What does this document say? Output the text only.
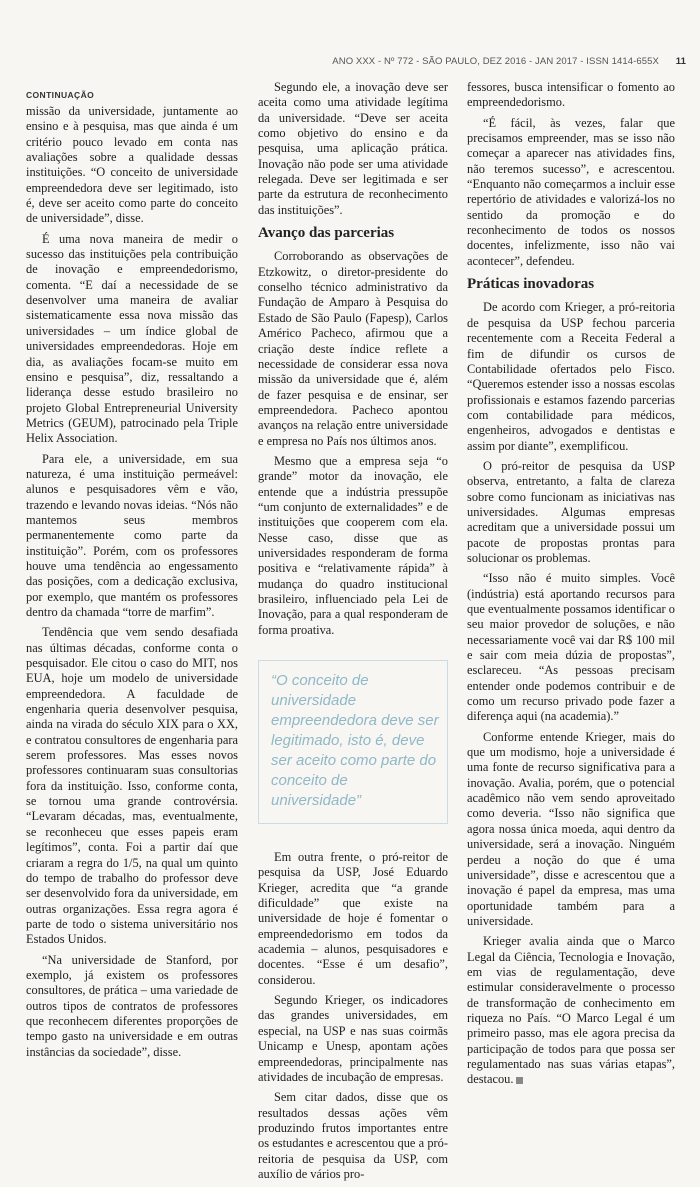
ANO XXX - Nº 772 - SÃO PAULO, DEZ 2016 - JAN 2017 - ISSN 1414-655X 11
CONTINUAÇÃO

missão da universidade, juntamente ao ensino e à pesquisa, mas que ainda é um critério pouco levado em conta nas avaliações sobre a qualidade dessas instituições. “O conceito de universidade empreendedora deve ser legitimado, isto é, deve ser aceito como parte do conceito de universidade”, disse.

É uma nova maneira de medir o sucesso das instituições pela contribuição de inovação e empreendedorismo, comenta. “E daí a necessidade de se desenvolver uma maneira de avaliar sistematicamente essa nova missão das universidades – um índice global de universidades empreendedoras. Hoje em dia, as avaliações focam-se muito em ensino e pesquisa”, diz, ressaltando a liderança desse estudo brasileiro no projeto Global Entrepreneurial University Metrics (GEUM), patrocinado pela Triple Helix Association.

Para ele, a universidade, em sua natureza, é uma instituição permeável: alunos e pesquisadores vêm e vão, trazendo e levando novas ideias. “Nós não mantemos seus membros permanentemente como parte da instituição”. Porém, com os professores houve uma tendência ao engessamento das posições, com a dedicação exclusiva, por exemplo, que mantém os professores dentro da chamada “torre de marfim”.

Tendência que vem sendo desafiada nas últimas décadas, conforme conta o pesquisador. Ele citou o caso do MIT, nos EUA, hoje um modelo de universidade empreendedora. A faculdade de engenharia queria desenvolver pesquisa, ainda na virada do século XIX para o XX, e contratou consultores de engenharia para serem professores. Mas esses novos professores continuaram suas consultorias fora da instituição. Isso, conforme conta, se tornou uma grande controvérsia. “Levaram décadas, mas, eventualmente, se reconheceu que esses papeis eram legítimos”, conta. Foi a partir daí que criaram a regra do 1/5, na qual um quinto do tempo de trabalho do professor deve ser desenvolvido fora da universidade, em outras organizações. Essa regra agora é parte de todo o sistema universitário nos Estados Unidos.

“Na universidade de Stanford, por exemplo, já existem os professores consultores, de prática – uma variedade de outros tipos de contratos de professores que reconhecem diferentes proporções de tempo gasto na universidade e em outras instâncias da sociedade”, disse.

Segundo ele, a inovação deve ser aceita como uma atividade legítima da universidade. “Deve ser aceita como objetivo do ensino e da pesquisa, uma aplicação prática. Inovação não pode ser uma atividade relegada. Deve ser legitimada e ser parte da estrutura de reconhecimento das instituições”.

Avanço das parcerias

Corroborando as observações de Etzkowitz, o diretor-presidente do conselho técnico administrativo da Fundação de Amparo à Pesquisa do Estado de São Paulo (Fapesp), Carlos Américo Pacheco, afirmou que a criação deste índice reflete a necessidade de considerar essa nova missão da universidade que é, além de fazer pesquisa e de ensinar, ser empreendedora. Pacheco apontou avanços na relação entre universidade e empresa no País nos últimos anos.

Mesmo que a empresa seja “o grande” motor da inovação, ele entende que a indústria pressupõe “um conjunto de externalidades” e de instituições que cooperem com ela. Nesse caso, disse que as universidades responderam de forma positiva e “relativamente rápida” à mudança do quadro institucional brasileiro, influenciado pela Lei de Inovação, para a qual responderam de forma proativa.

“O conceito de universidade empreendedora deve ser legitimado, isto é, deve ser aceito como parte do conceito de universidade”

Em outra frente, o pró-reitor de pesquisa da USP, José Eduardo Krieger, acredita que “a grande dificuldade” que existe na universidade de hoje é fomentar o empreendedorismo em todos da academia – alunos, pesquisadores e docentes. “Esse é um desafio”, considerou.

Segundo Krieger, os indicadores das grandes universidades, em especial, na USP e nas suas coirmãs Unicamp e Unesp, apontam ações empreendedoras, principalmente nas atividades de incubação de empresas.

Sem citar dados, disse que os resultados dessas ações vêm produzindo frutos importantes entre os estudantes e acrescentou que a pró-reitoria de pesquisa da USP, com auxílio de vários pro-

fessores, busca intensificar o fomento ao empreendedorismo.

“É fácil, às vezes, falar que precisamos empreender, mas se isso não começar a aparecer nas atividades fins, não teremos sucesso”, e acrescentou. “Enquanto não começarmos a incluir esse repertório de atividades e valorizá-los no sentido da promoção e do reconhecimento de todos os nossos docentes, infelizmente, isso não vai acontecer”, defendeu.

Práticas inovadoras

De acordo com Krieger, a pró-reitoria de pesquisa da USP fechou parceria recentemente com a Receita Federal a fim de difundir os cursos de Contabilidade ofertados pelo Fisco. “Queremos estender isso a nossas escolas profissionais e estamos fazendo parcerias com contabilidade para médicos, engenheiros, advogados e dentistas e assim por diante”, exemplificou.

O pró-reitor de pesquisa da USP observa, entretanto, a falta de clareza sobre como funcionam as iniciativas nas universidades. Algumas empresas acreditam que a universidade possui um pacote de propostas prontas para solucionar os problemas.

“Isso não é muito simples. Você (indústria) está aportando recursos para que eventualmente possamos identificar o seu maior provedor de soluções, e não necessariamente você vai dar R$ 100 mil e sair com meia dúzia de propostas”, esclareceu. “As pessoas precisam entender onde podemos contribuir e de como um recurso privado pode fazer a diferença aqui (na academia).”

Conforme entende Krieger, mais do que um modismo, hoje a universidade é uma fonte de recurso significativa para a inovação. Avalia, porém, que o potencial acadêmico não vem sendo aproveitado como deveria. “Isso não significa que agora nossa única moeda, aqui dentro da universidade, será a inovação. Ninguém perdeu a noção do que é uma universidade”, disse e acrescentou que a inovação é papel da empresa, mas uma oportunidade também para a universidade.

Krieger avalia ainda que o Marco Legal da Ciência, Tecnologia e Inovação, em vias de regulamentação, deve estimular consideravelmente o processo de transformação de conhecimento em riqueza no País. “O Marco Legal é um primeiro passo, mas ele agora precisa da participação de todos para que possa ser regulamentado nas suas várias etapas”, destacou.
